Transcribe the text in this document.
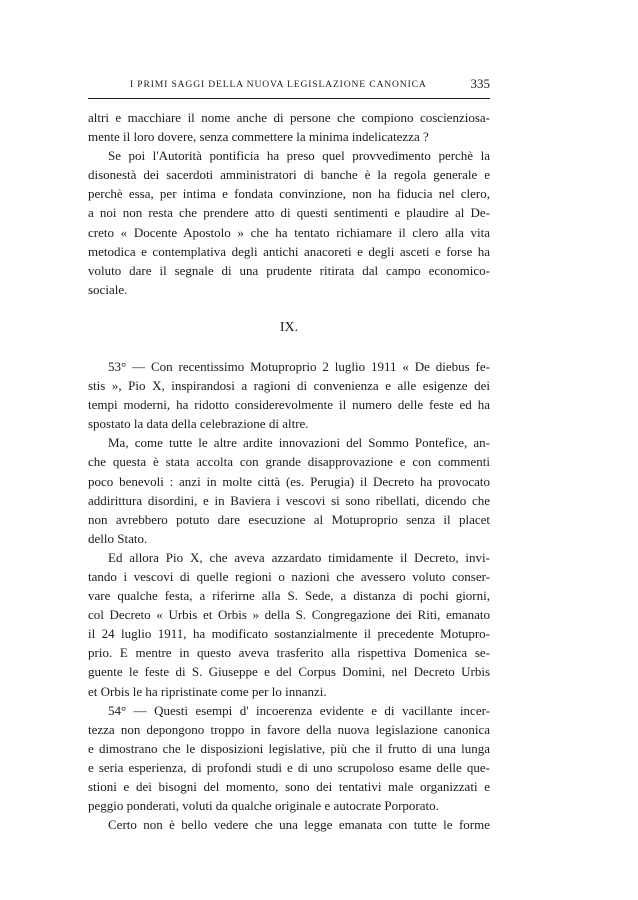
I PRIMI SAGGI DELLA NUOVA LEGISLAZIONE CANONICA	335
altri e macchiare il nome anche di persone che compiono coscienziosa-
mente il loro dovere, senza commettere la minima indelicatezza ?
Se poi l'Autorità pontificia ha preso quel provvedimento perchè la
disonestà dei sacerdoti amministratori di banche è la regola generale e
perchè essa, per intima e fondata convinzione, non ha fiducia nel clero,
a noi non resta che prendere atto di questi sentimenti e plaudire al De-
creto « Docente Apostolo » che ha tentato richiamare il clero alla vita
metodica e contemplativa degli antichi anacoreti e degli asceti e forse ha
voluto dare il segnale di una prudente ritirata dal campo economico-
sociale.
IX.
53° — Con recentissimo Motuproprio 2 luglio 1911 « De diebus fe-
stis », Pio X, inspirandosi a ragioni di convenienza e alle esigenze dei
tempi moderni, ha ridotto considerevolmente il numero delle feste ed ha
spostato la data della celebrazione di altre.
Ma, come tutte le altre ardite innovazioni del Sommo Pontefice, an-
che questa è stata accolta con grande disapprovazione e con commenti
poco benevoli : anzi in molte città (es. Perugia) il Decreto ha provocato
addirittura disordini, e in Baviera i vescovi si sono ribellati, dicendo che
non avrebbero potuto dare esecuzione al Motuproprio senza il placet
dello Stato.
Ed allora Pio X, che aveva azzardato timidamente il Decreto, invi-
tando i vescovi di quelle regioni o nazioni che avessero voluto conser-
vare qualche festa, a riferirne alla S. Sede, a distanza di pochi giorni,
col Decreto « Urbis et Orbis » della S. Congregazione dei Riti, emanato
il 24 luglio 1911, ha modificato sostanzialmente il precedente Motupro-
prio. E mentre in questo aveva trasferito alla rispettiva Domenica se-
guente le feste di S. Giuseppe e del Corpus Domini, nel Decreto Urbis
et Orbis le ha ripristinate come per lo innanzi.
54° — Questi esempi d' incoerenza evidente e di vacillante incer-
tezza non depongono troppo in favore della nuova legislazione canonica
e dimostrano che le disposizioni legislative, più che il frutto di una lunga
e seria esperienza, di profondi studi e di uno scrupoloso esame delle que-
stioni e dei bisogni del momento, sono dei tentativi male organizzati e
peggio ponderati, voluti da qualche originale e autocrate Porporato.
Certo non è bello vedere che una legge emanata con tutte le forme
